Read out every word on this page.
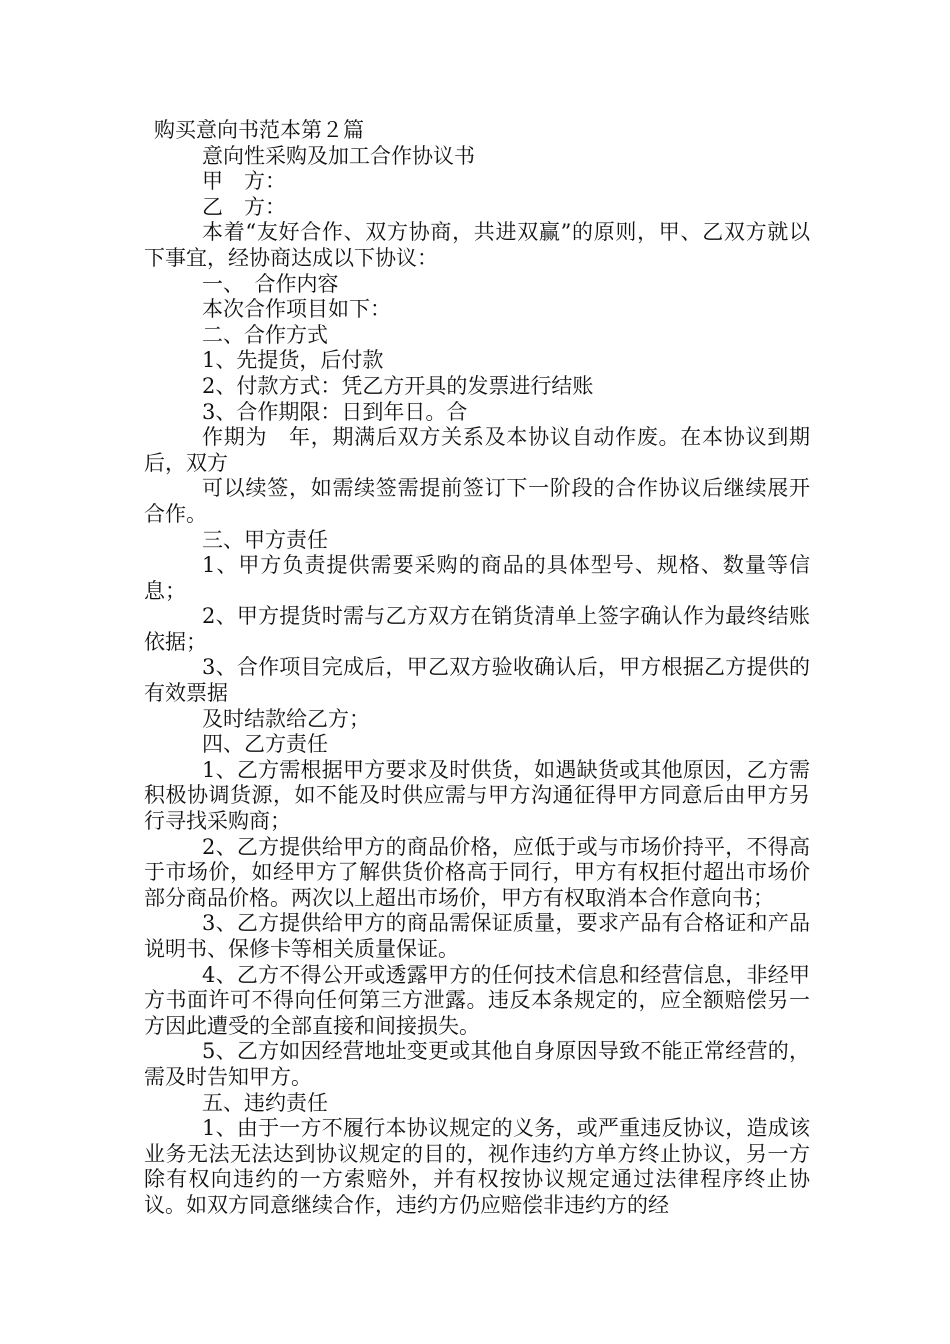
购买意向书范本第２篇
意向性采购及加工合作协议书
甲　方：
乙　方：
本着“友好合作、双方协商，共进双赢”的原则，甲、乙双方就以下事宜，经协商达成以下协议：
一、　合作内容
本次合作项目如下：
二、合作方式
1、先提货，后付款
2、付款方式：凭乙方开具的发票进行结账
3、合作期限：日到年日。合
作期为　年，期满后双方关系及本协议自动作废。在本协议到期后，双方
可以续签，如需续签需提前签订下一阶段的合作协议后继续展开合作。
三、甲方责任
1、甲方负责提供需要采购的商品的具体型号、规格、数量等信息；
2、甲方提货时需与乙方双方在销货清单上签字确认作为最终结账依据；
3、合作项目完成后，甲乙双方验收确认后，甲方根据乙方提供的有效票据
及时结款给乙方；
四、乙方责任
1、乙方需根据甲方要求及时供货，如遇缺货或其他原因，乙方需积极协调货源，如不能及时供应需与甲方沟通征得甲方同意后由甲方另行寻找采购商；
2、乙方提供给甲方的商品价格，应低于或与市场价持平，不得高于市场价，如经甲方了解供货价格高于同行，甲方有权拒付超出市场价部分商品价格。两次以上超出市场价，甲方有权取消本合作意向书；
3、乙方提供给甲方的商品需保证质量，要求产品有合格证和产品说明书、保修卡等相关质量保证。
4、乙方不得公开或透露甲方的任何技术信息和经营信息，非经甲方书面许可不得向任何第三方泄露。违反本条规定的，应全额赔偿另一方因此遭受的全部直接和间接损失。
5、乙方如因经营地址变更或其他自身原因导致不能正常经营的，需及时告知甲方。
五、违约责任
1、由于一方不履行本协议规定的义务，或严重违反协议，造成该业务无法无法达到协议规定的目的，视作违约方单方终止协议，另一方除有权向违约的一方索赔外，并有权按协议规定通过法律程序终止协议。如双方同意继续合作，违约方仍应赔偿非违约方的经
